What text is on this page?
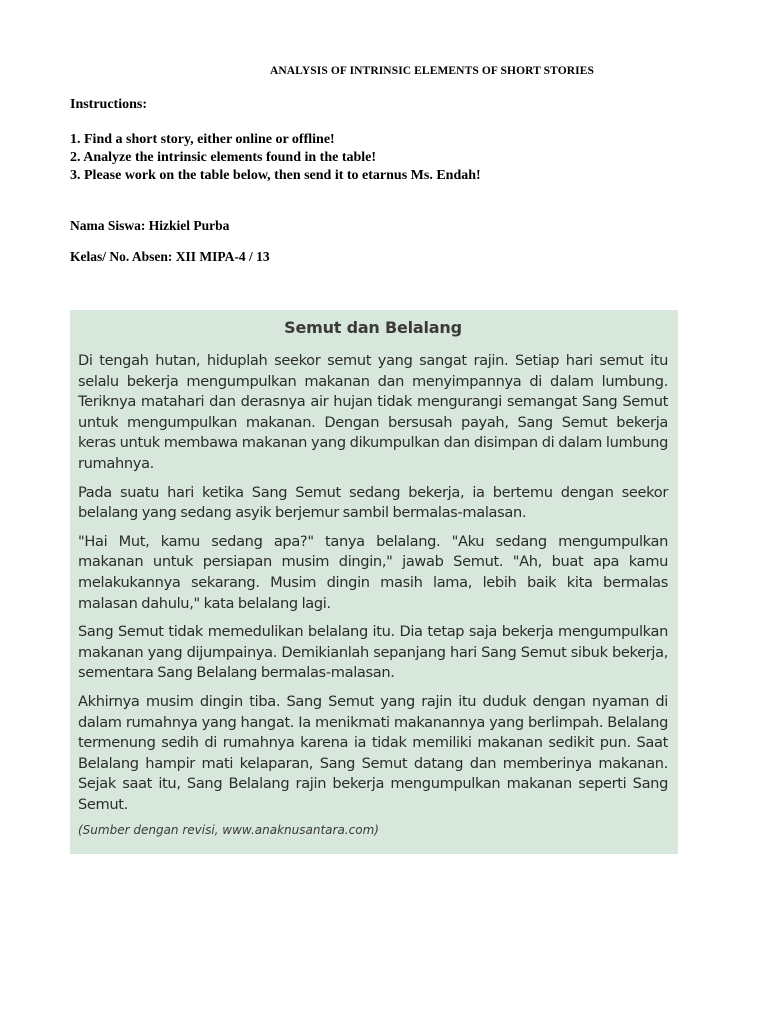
ANALYSIS OF INTRINSIC ELEMENTS OF SHORT STORIES
Instructions:
1. Find a short story, either online or offline!
2. Analyze the intrinsic elements found in the table!
3. Please work on the table below, then send it to etarnus Ms. Endah!
Nama Siswa: Hizkiel Purba
Kelas/ No. Absen: XII MIPA-4 / 13
Semut dan Belalang

Di tengah hutan, hiduplah seekor semut yang sangat rajin. Setiap hari semut itu selalu bekerja mengumpulkan makanan dan menyimpannya di dalam lumbung. Teriknya matahari dan derasnya air hujan tidak mengurangi semangat Sang Semut untuk mengumpulkan makanan. Dengan bersusah payah, Sang Semut bekerja keras untuk membawa makanan yang dikumpulkan dan disimpan di dalam lumbung rumahnya.

Pada suatu hari ketika Sang Semut sedang bekerja, ia bertemu dengan seekor belalang yang sedang asyik berjemur sambil bermalas-malasan.

"Hai Mut, kamu sedang apa?" tanya belalang. "Aku sedang mengumpulkan makanan untuk persiapan musim dingin," jawab Semut. "Ah, buat apa kamu melakukannya sekarang. Musim dingin masih lama, lebih baik kita bermalas malasan dahulu," kata belalang lagi.

Sang Semut tidak memedulikan belalang itu. Dia tetap saja bekerja mengumpulkan makanan yang dijumpainya. Demikianlah sepanjang hari Sang Semut sibuk bekerja, sementara Sang Belalang bermalas-malasan.

Akhirnya musim dingin tiba. Sang Semut yang rajin itu duduk dengan nyaman di dalam rumahnya yang hangat. Ia menikmati makanannya yang berlimpah. Belalang termenung sedih di rumahnya karena ia tidak memiliki makanan sedikit pun. Saat Belalang hampir mati kelaparan, Sang Semut datang dan memberinya makanan. Sejak saat itu, Sang Belalang rajin bekerja mengumpulkan makanan seperti Sang Semut.

(Sumber dengan revisi, www.anaknusantara.com)
